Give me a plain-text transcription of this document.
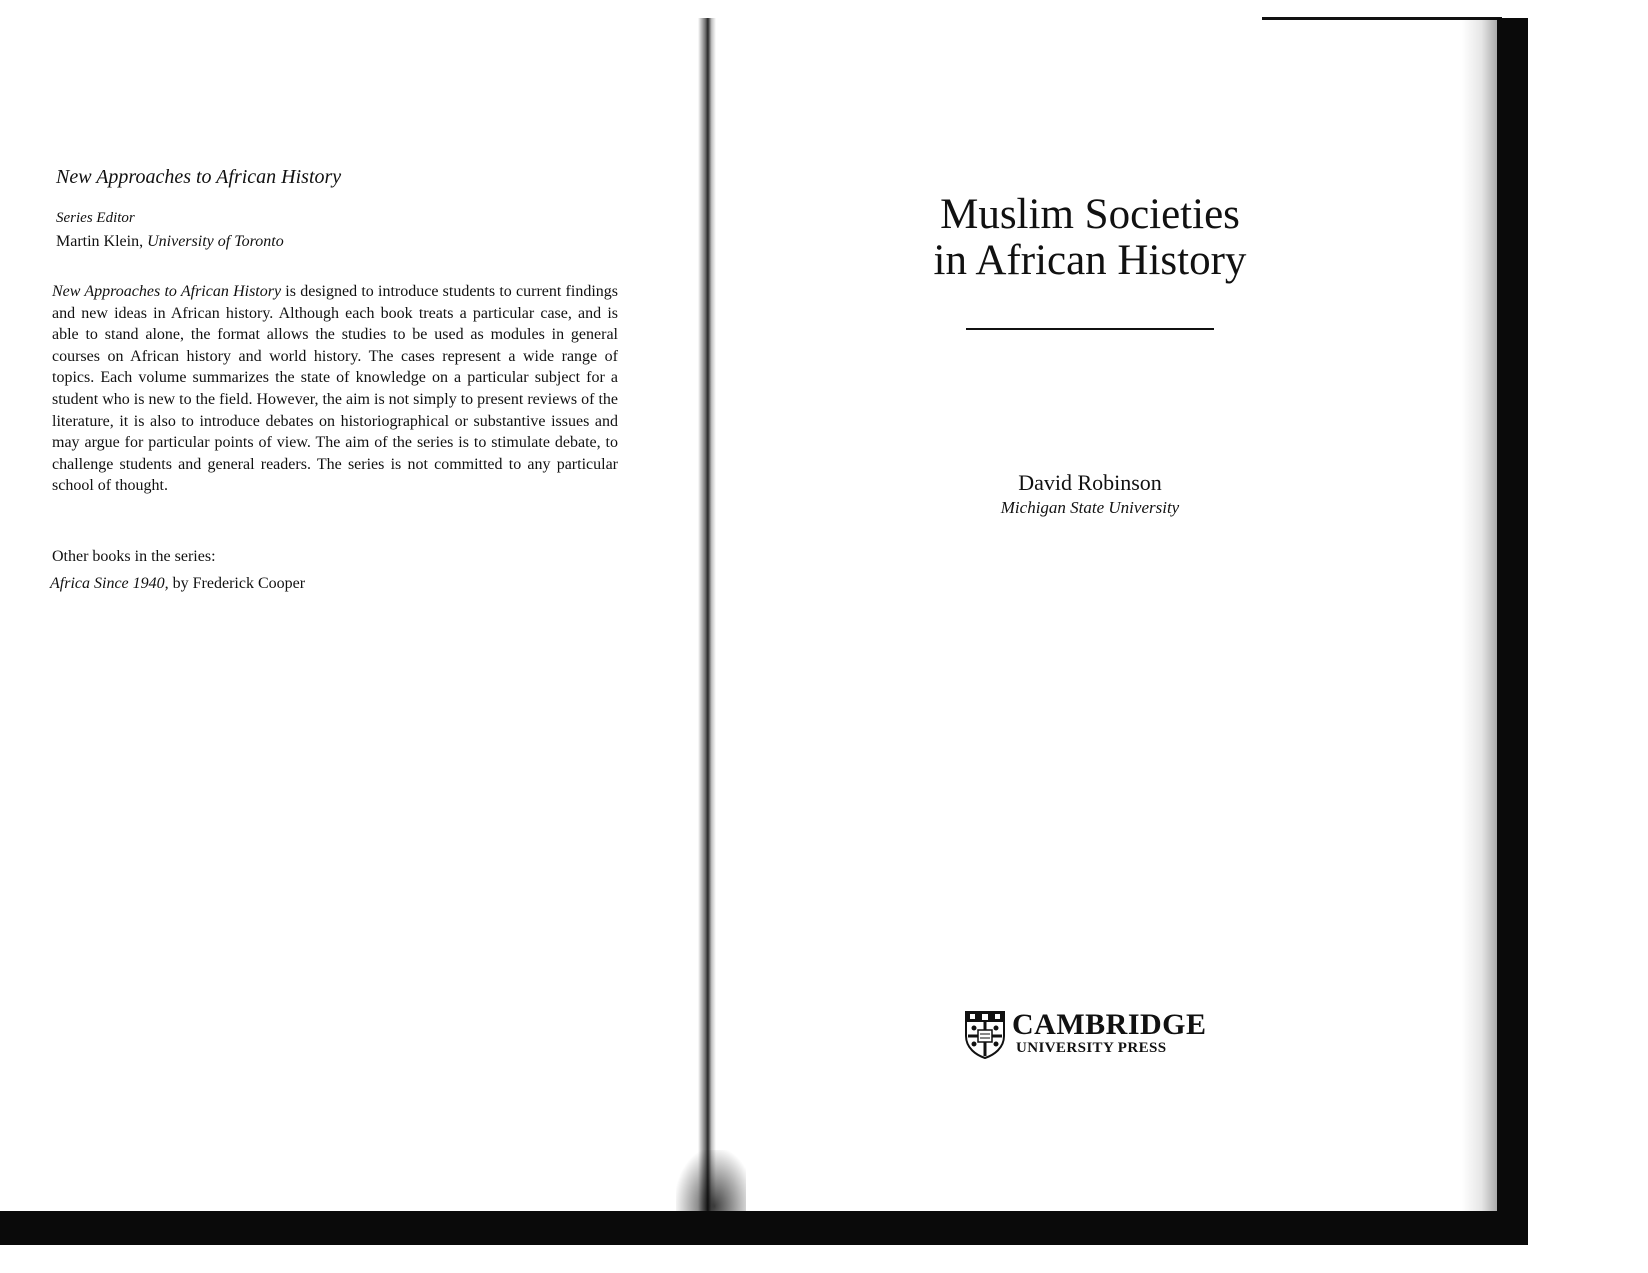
New Approaches to African History
Series Editor
Martin Klein, University of Toronto
New Approaches to African History is designed to introduce students to current findings and new ideas in African history. Although each book treats a particular case, and is able to stand alone, the format allows the studies to be used as modules in general courses on African history and world history. The cases represent a wide range of topics. Each volume summarizes the state of knowledge on a particular subject for a student who is new to the field. However, the aim is not simply to present reviews of the literature, it is also to introduce debates on historiographical or substantive issues and may argue for particular points of view. The aim of the series is to stimulate debate, to challenge students and general readers. The series is not committed to any particular school of thought.
Other books in the series:
Africa Since 1940, by Frederick Cooper
Muslim Societies
in African History
David Robinson
Michigan State University
CAMBRIDGE
UNIVERSITY PRESS
